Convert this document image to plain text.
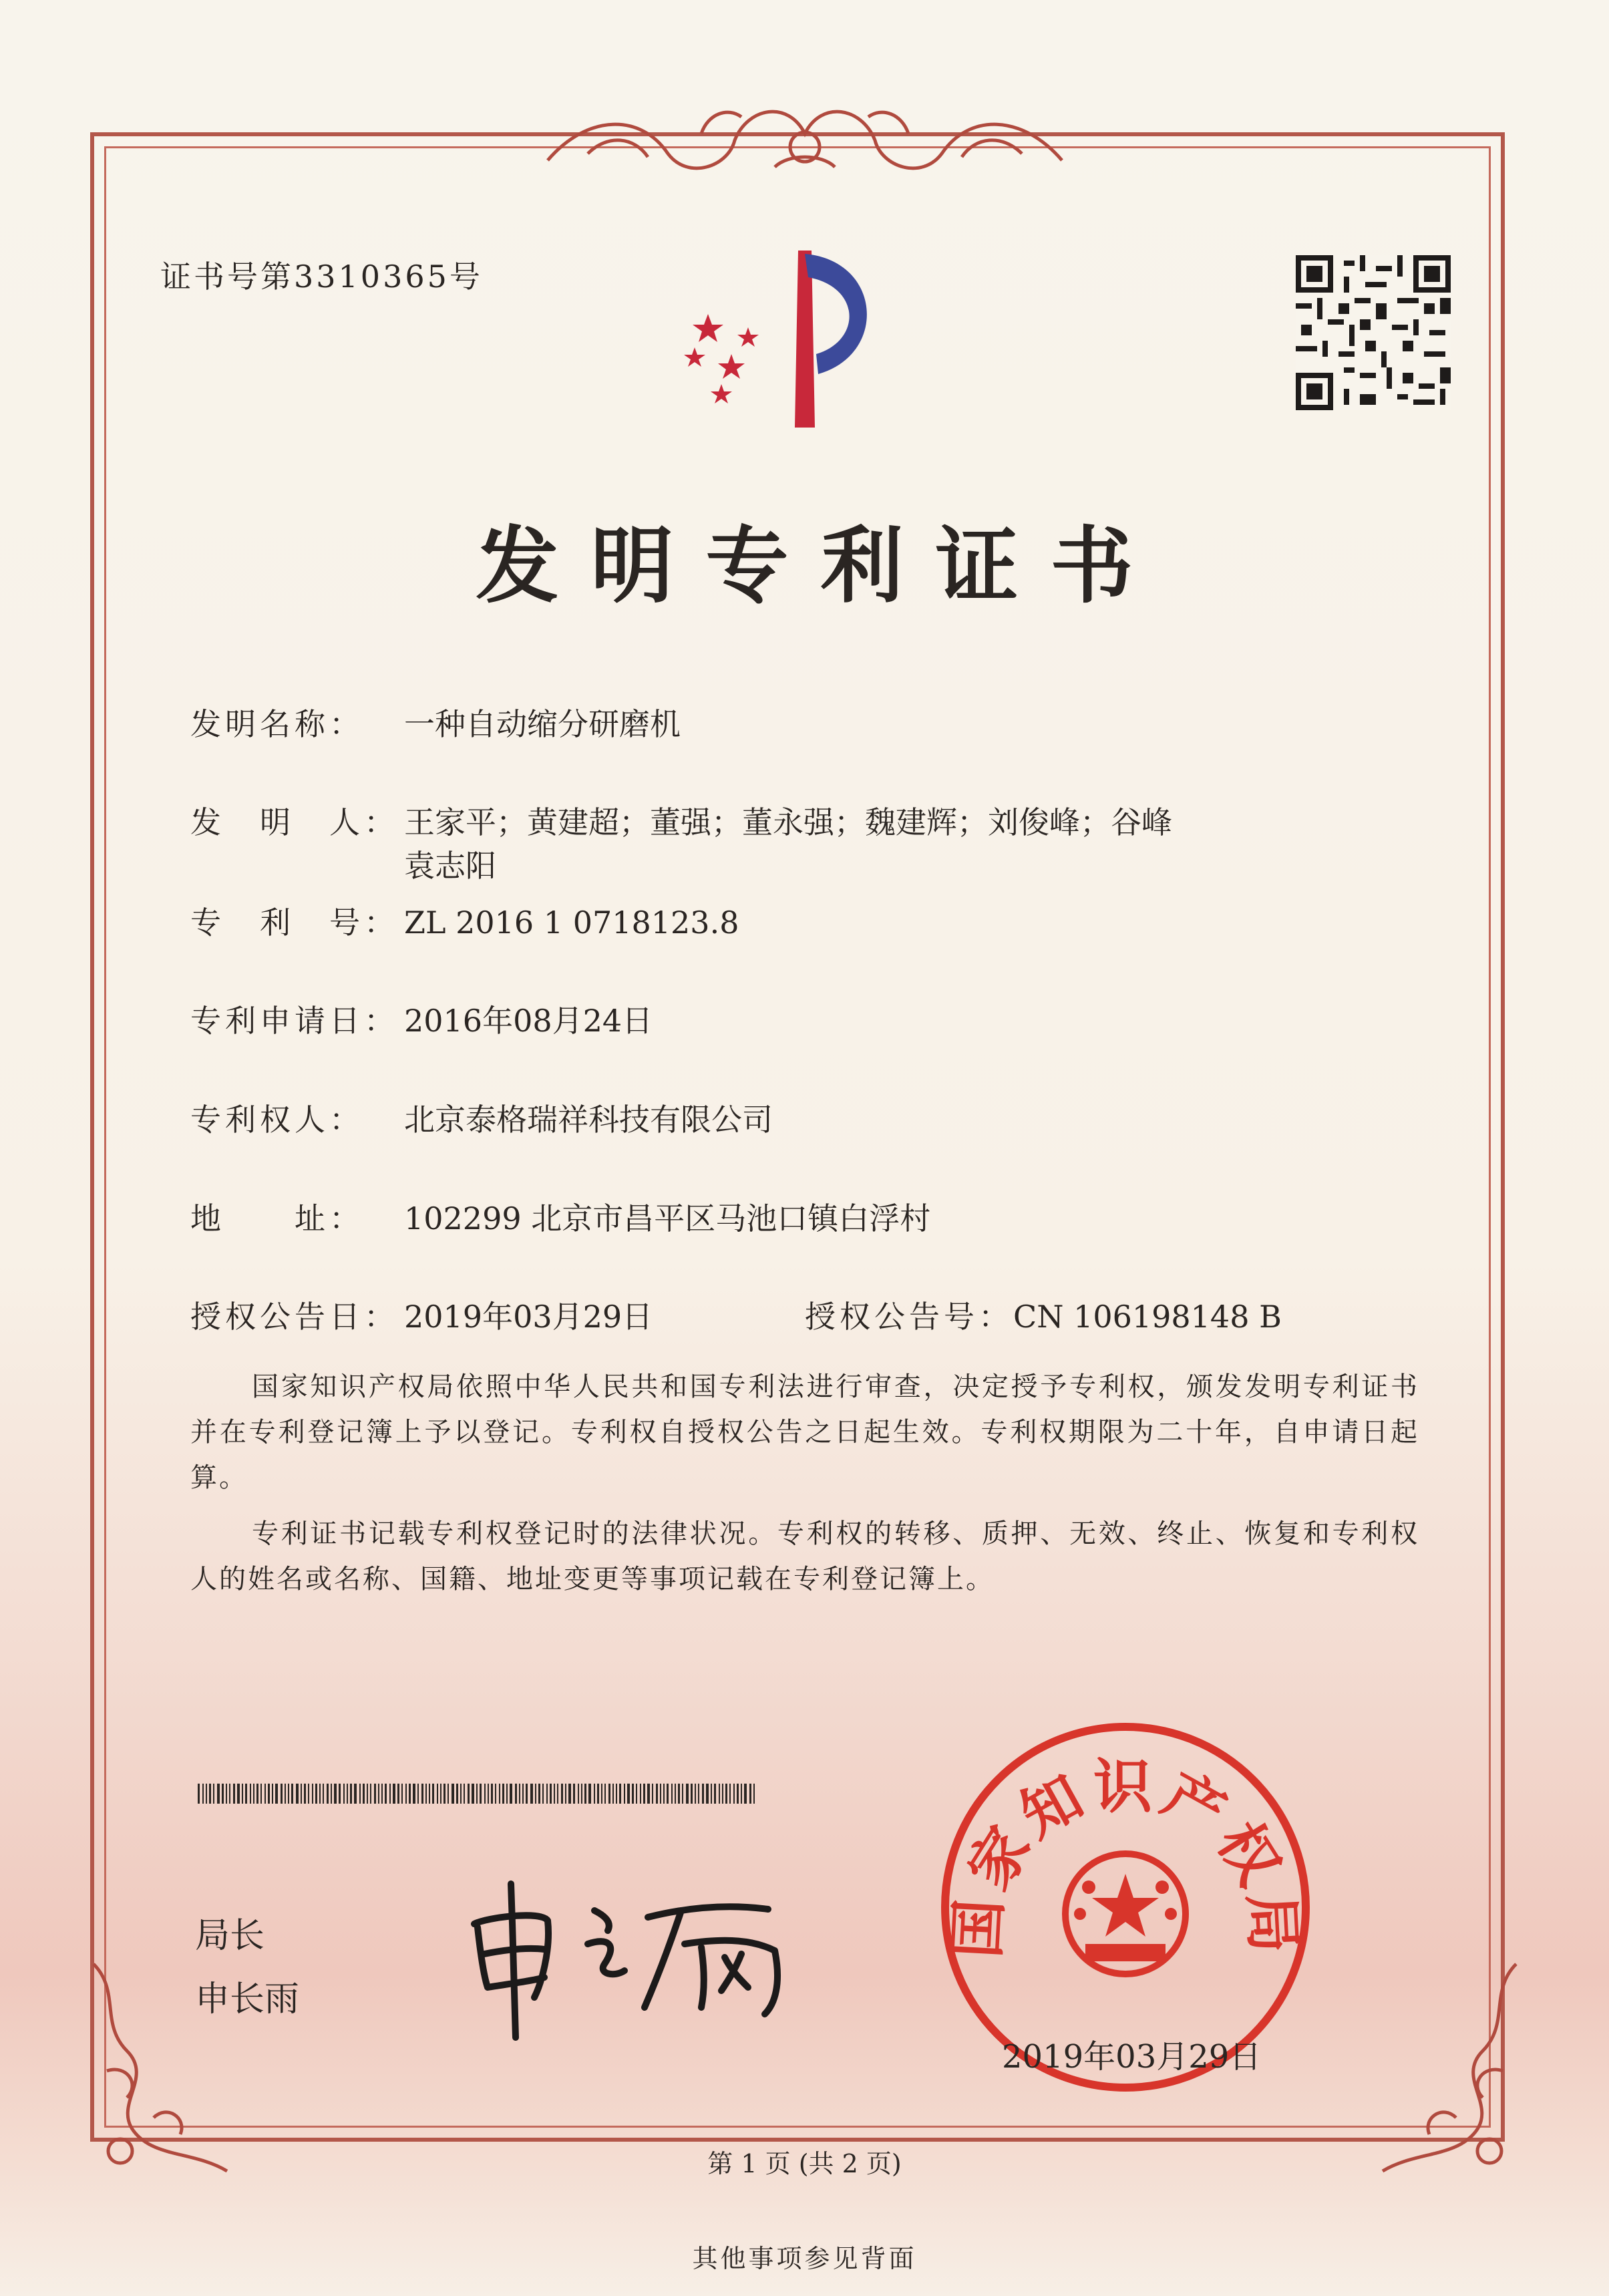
证书号第3310365号
发明专利证书
发明名称： 一种自动缩分研磨机
发　明　人： 王家平；黄建超；董强；董永强；魏建辉；刘俊峰；谷峰
袁志阳
专　利　号： ZL 2016 1 0718123.8
专利申请日： 2016年08月24日
专利权人： 北京泰格瑞祥科技有限公司
地　　址： 102299 北京市昌平区马池口镇白浮村
授权公告日： 2019年03月29日	授权公告号：CN 106198148 B
国家知识产权局依照中华人民共和国专利法进行审查，决定授予专利权，颁发发明专利证书并在专利登记簿上予以登记。专利权自授权公告之日起生效。专利权期限为二十年，自申请日起算。
专利证书记载专利权登记时的法律状况。专利权的转移、质押、无效、终止、恢复和专利权人的姓名或名称、国籍、地址变更等事项记载在专利登记簿上。
局长
申长雨
国家知识产权局
2019年03月29日
第 1 页 (共 2 页)
其他事项参见背面
